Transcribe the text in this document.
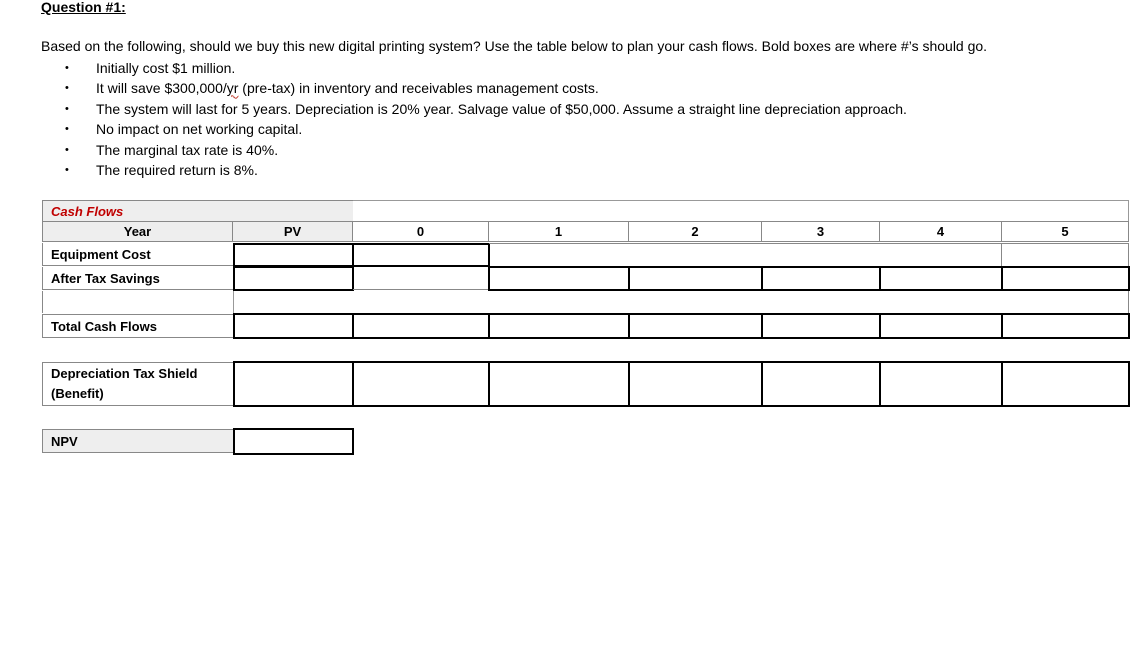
Question #1:
Based on the following, should we buy this new digital printing system? Use the table below to plan your cash flows. Bold boxes are where #’s should go.
• Initially cost $1 million.
• It will save $300,000/yr (pre-tax) in inventory and receivables management costs.
• The system will last for 5 years. Depreciation is 20% year. Salvage value of $50,000. Assume a straight line depreciation approach.
• No impact on net working capital.
• The marginal tax rate is 40%.
• The required return is 8%.
Cash Flows
Year	PV	0	1	2	3	4	5
Equipment Cost
After Tax Savings
Total Cash Flows
Depreciation Tax Shield
(Benefit)
NPV
